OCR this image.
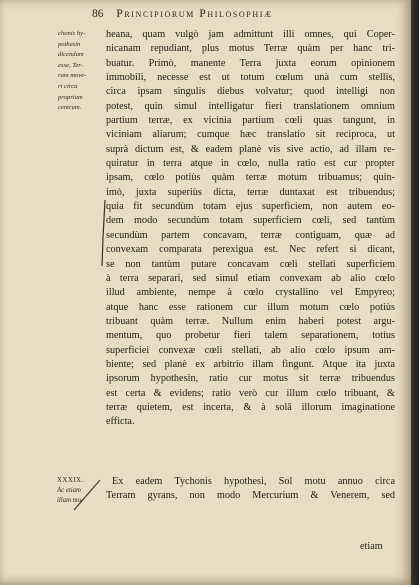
86 Principiorum Philosophiæ
chonis hy-
pothesin
dicendum
esse, Ter-
ram move-
ri circa
proprium
centrum.
XXXIX.
Ac etiam
illam mo-
heana, quam vulgò jam admittunt illi omnes, qui Coper-
nicanam repudiant, plus motus Terræ quàm per hanc tri-
buatur. Primò, manente Terra juxta eorum opinionem
immobili, necesse est ut totum cœlum unà cum stellis,
circa ipsam singulis diebus volvatur; quod intelligi non
potest, quin simul intelligatur fieri translationem omnium
partium terræ, ex vicinia partium cœli quas tangunt, in
viciniam aliarum; cumque hæc translatio sit reciproca, ut
suprà dictum est, & eadem planè vis sive actio, ad illam re-
quiratur in terra atque in cœlo, nulla ratio est cur propter
ipsam, cœlo potiùs quàm terræ motum tribuamus; quin-
imò, juxta superiùs dicta, terræ duntaxat est tribuendus;
quia fit secundùm totam ejus superficiem, non autem eo-
dem modo secundùm totam superficiem cœli, sed tantùm
secundùm partem concavam, terræ contiguam, quæ ad
convexam comparata perexigua est. Nec refert si dicant,
se non tantùm putare concavam cœli stellati superficiem
à terra separari, sed simul etiam convexam ab alio cœlo
illud ambiente, nempe à cœlo crystallino vel Empyreo;
atque hanc esse rationem cur illum motum cœlo potiùs
tribuant quàm terræ. Nullum enim haberi potest argu-
mentum, quo probetur fieri talem separationem, totius
superficiei convexæ cœli stellati, ab alio cœlo ipsum am-
biente; sed planè ex arbitrio illam fingunt. Atque ita juxta
ipsorum hypothesin, ratio cur motus sit terræ tribuendus
est certa & evidens; ratio verò cur illum cœlo tribuant, &
terræ quietem, est incerta, & à solâ illorum imaginatione
efficta.
Ex eadem Tychonis hypothesi, Sol motu annuo circa
Terram gyrans, non modo Mercurium & Venerem, sed
etiam
